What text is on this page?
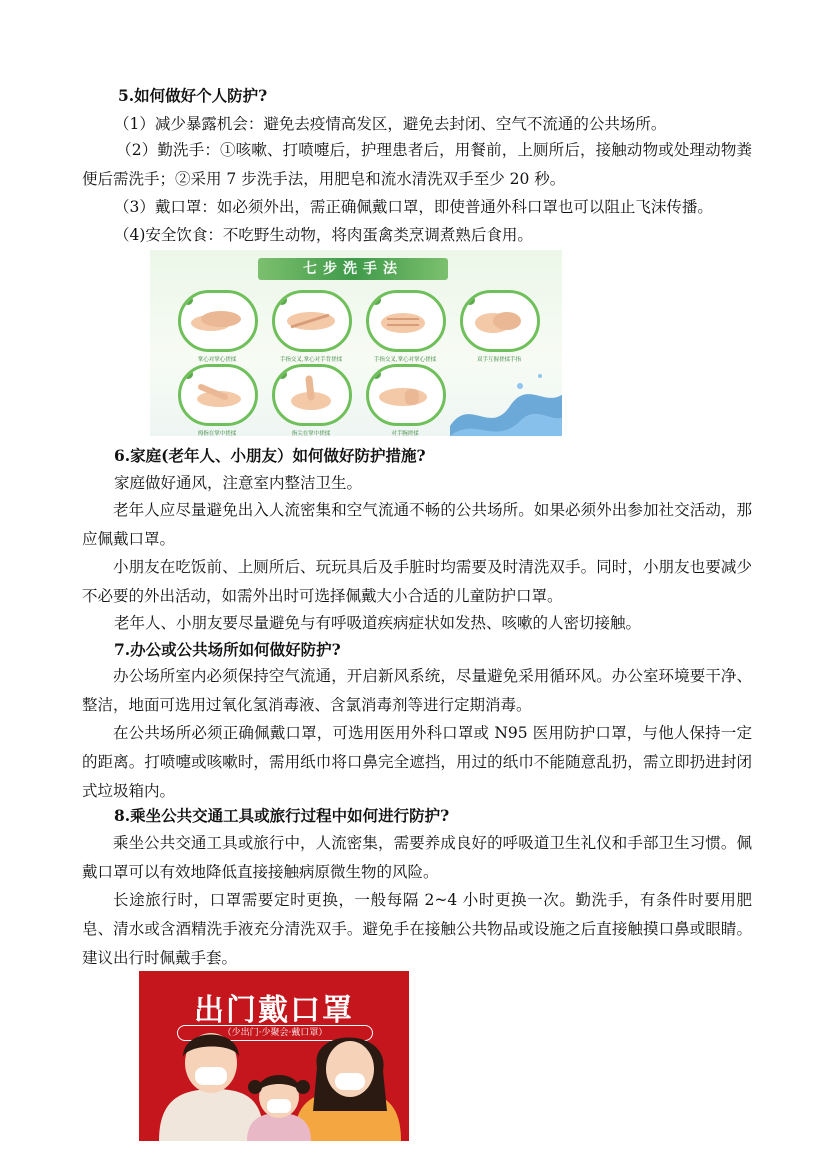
5.如何做好个人防护?
（1）减少暴露机会：避免去疫情高发区，避免去封闭、空气不流通的公共场所。
（2）勤洗手：①咳嗽、打喷嚏后，护理患者后，用餐前，上厕所后，接触动物或处理动物粪便后需洗手；②采用 7 步洗手法，用肥皂和流水清洗双手至少 20 秒。
（3）戴口罩：如必须外出，需正确佩戴口罩，即使普通外科口罩也可以阻止飞沫传播。
（4)安全饮食：不吃野生动物，将肉蛋禽类烹调煮熟后食用。
七步洗手法
掌心对掌心搓揉	手指交叉,掌心对手背搓揉	手指交叉,掌心对掌心搓揉	双手互握搓揉手指
拇指在掌中搓揉	指尖在掌中搓揉	对手腕搓揉
6.家庭(老年人、小朋友）如何做好防护措施?
家庭做好通风，注意室内整洁卫生。
老年人应尽量避免出入人流密集和空气流通不畅的公共场所。如果必须外出参加社交活动，那应佩戴口罩。
小朋友在吃饭前、上厕所后、玩玩具后及手脏时均需要及时清洗双手。同时，小朋友也要减少不必要的外出活动，如需外出时可选择佩戴大小合适的儿童防护口罩。
老年人、小朋友要尽量避免与有呼吸道疾病症状如发热、咳嗽的人密切接触。
7.办公或公共场所如何做好防护?
办公场所室内必须保持空气流通，开启新风系统，尽量避免采用循环风。办公室环境要干净、整洁，地面可选用过氧化氢消毒液、含氯消毒剂等进行定期消毒。
在公共场所必须正确佩戴口罩，可选用医用外科口罩或 N95 医用防护口罩，与他人保持一定的距离。打喷嚏或咳嗽时，需用纸巾将口鼻完全遮挡，用过的纸巾不能随意乱扔，需立即扔进封闭式垃圾箱内。
8.乘坐公共交通工具或旅行过程中如何进行防护?
乘坐公共交通工具或旅行中，人流密集，需要养成良好的呼吸道卫生礼仪和手部卫生习惯。佩戴口罩可以有效地降低直接接触病原微生物的风险。
长途旅行时，口罩需要定时更换，一般每隔 2~4 小时更换一次。勤洗手，有条件时要用肥皂、清水或含酒精洗手液充分清洗双手。避免手在接触公共物品或设施之后直接触摸口鼻或眼睛。建议出行时佩戴手套。
出门戴口罩
（少出门·少聚会·戴口罩）
